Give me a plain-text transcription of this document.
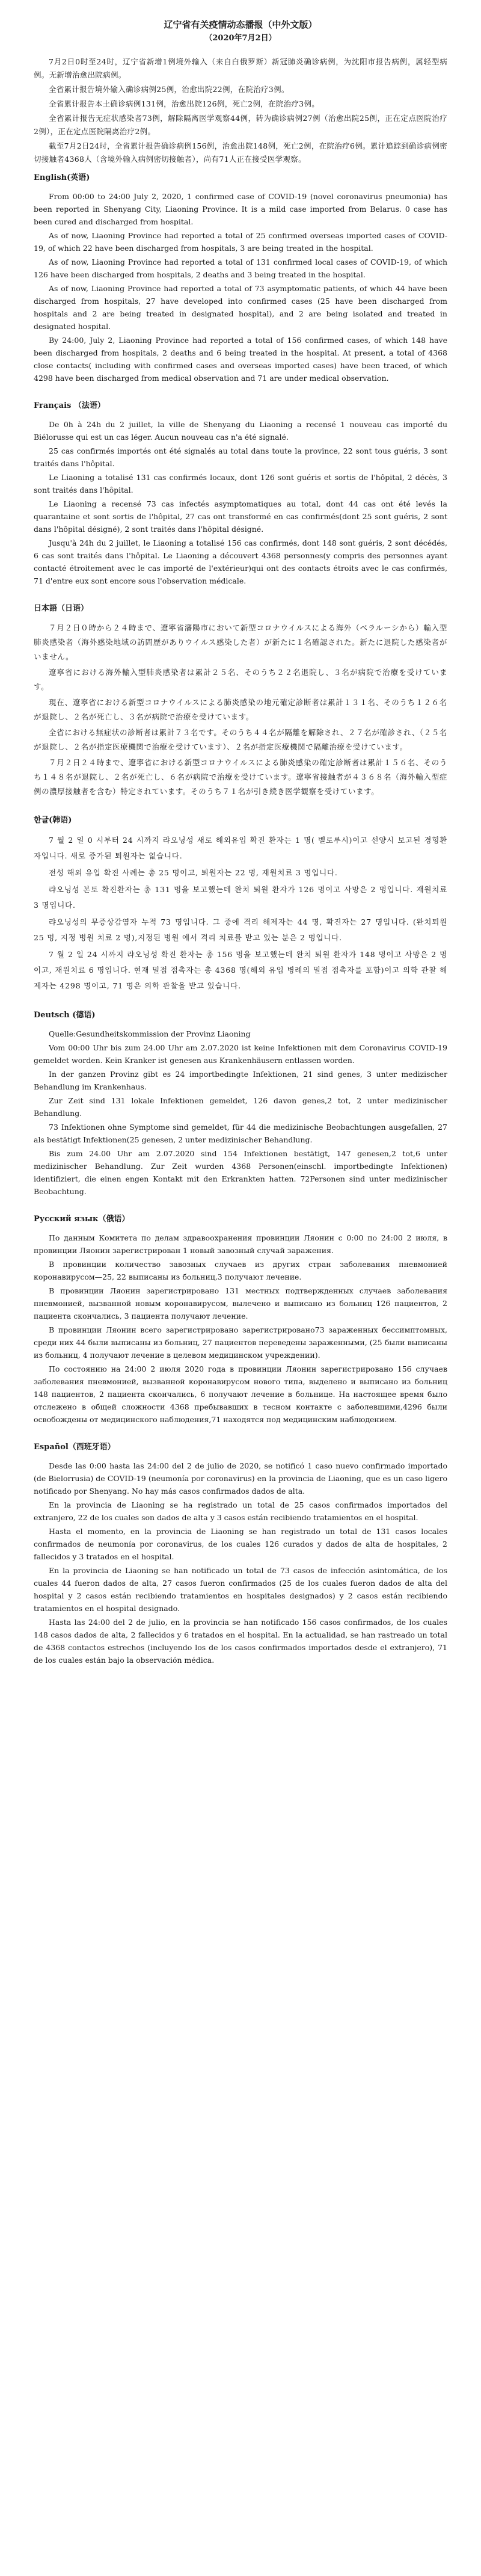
辽宁省有关疫情动态播报（中外文版）
（2020年7月2日）

7月2日0时至24时，辽宁省新增1例境外输入（来自白俄罗斯）新冠肺炎确诊病例，为沈阳市报告病例，属轻型病例。无新增治愈出院病例。

全省累计报告境外输入确诊病例25例，治愈出院22例，在院治疗3例。

全省累计报告本土确诊病例131例，治愈出院126例，死亡2例，在院治疗3例。

全省累计报告无症状感染者73例，解除隔离医学观察44例，转为确诊病例27例（治愈出院25例，正在定点医院治疗2例），正在定点医院隔离治疗2例。

截至7月2日24时，全省累计报告确诊病例156例，治愈出院148例，死亡2例，在院治疗6例。累计追踪到确诊病例密切接触者4368人（含境外输入病例密切接触者），尚有71人正在接受医学观察。

English(英语)

From 00:00 to 24:00 July 2, 2020, 1 confirmed case of COVID-19 (novel coronavirus pneumonia) has been reported in Shenyang City, Liaoning Province. It is a mild case imported from Belarus. 0 case has been cured and discharged from hospital.

As of now, Liaoning Province had reported a total of 25 confirmed overseas imported cases of COVID-19, of which 22 have been discharged from hospitals, 3 are being treated in the hospital.

As of now, Liaoning Province had reported a total of 131 confirmed local cases of COVID-19, of which 126 have been discharged from hospitals, 2 deaths and 3 being treated in the hospital.

As of now, Liaoning Province had reported a total of 73 asymptomatic patients, of which 44 have been discharged from hospitals, 27 have developed into confirmed cases (25 have been discharged from hospitals and 2 are being treated in designated hospital), and 2 are being isolated and treated in designated hospital.

By 24:00, July 2, Liaoning Province had reported a total of 156 confirmed cases, of which 148 have been discharged from hospitals, 2 deaths and 6 being treated in the hospital. At present, a total of 4368 close contacts( including with confirmed cases and overseas imported cases) have been traced, of which 4298 have been discharged from medical observation and 71 are under medical observation.

Français （法语）

De 0h à 24h du 2 juillet, la ville de Shenyang du Liaoning a recensé 1 nouveau cas importé du Biélorusse qui est un cas léger. Aucun nouveau cas n'a été signalé.

25 cas confirmés importés ont été signalés au total dans toute la province, 22 sont tous guéris, 3 sont traités dans l'hôpital.

Le Liaoning a totalisé 131 cas confirmés locaux, dont 126 sont guéris et sortis de l'hôpital, 2 décès, 3 sont traités dans l'hôpital.

Le Liaoning a recensé 73 cas infectés asymptomatiques au total, dont 44 cas ont été levés la quarantaine et sont sortis de l'hôpital, 27 cas ont transformé en cas confirmés(dont 25 sont guéris, 2 sont dans l'hôpital désigné), 2 sont traités dans l'hôpital désigné.

Jusqu'à 24h du 2 juillet, le Liaoning a totalisé 156 cas confirmés, dont 148 sont guéris, 2 sont décédés, 6 cas sont traités dans l'hôpital. Le Liaoning a découvert 4368 personnes(y compris des personnes ayant contacté étroitement avec le cas importé de l'extérieur)qui ont des contacts étroits avec le cas confirmés, 71 d'entre eux sont encore sous l'observation médicale.

日本語（日语）

７月２日０時から２４時まで、遼寧省瀋陽市において新型コロナウイルスによる海外（ベラルーシから）輸入型肺炎感染者（海外感染地域の訪問歴がありウイルス感染した者）が新たに１名確認された。新たに退院した感染者がいません。

遼寧省における海外輸入型肺炎感染者は累計２５名、そのうち２２名退院し、３名が病院で治療を受けています。

現在、遼寧省における新型コロナウイルスによる肺炎感染の地元確定診断者は累計１３１名、そのうち１２６名が退院し、２名が死亡し、３名が病院で治療を受けています。

全省における無症状の診断者は累計７３名です。そのうち４４名が隔離を解除され、２７名が確診され、（２５名が退院し、２名が指定医療機関で治療を受けています）、２名が指定医療機関で隔離治療を受けています。

７月２日２４時まで、遼寧省における新型コロナウイルスによる肺炎感染の確定診断者は累計１５６名、そのうち１４８名が退院し、２名が死亡し、６名が病院で治療を受けています。遼寧省接触者が４３６８名（海外輸入型症例の濃厚接触者を含む）特定されています。そのうち７１名が引き続き医学観察を受けています。

한글(韩语)

7 월 2 일 0 시부터 24 시까지 랴오닝성 새로 해외유입 확진 환자는 1 명( 벨로루시)이고 선양시 보고된 경형환자입니다. 새로 증가된 퇴원자는 없습니다.

전성 해외 유입 확진 사례는 총 25 명이고, 퇴원자는 22 명, 재원치료 3 명입니다.

랴오닝성 본토 확진환자는 총 131 명을 보고했는데 완치 퇴원 환자가 126 명이고 사망은 2 명입니다. 재원치료 3 명입니다.

랴오닝성의 무증상감염자 누적 73 명입니다. 그 중에 격리 해제자는 44 명, 확진자는 27 명입니다. (완치퇴원 25 명, 지정 병원 치료 2 명),지정된 병원 에서 격리 치료를 받고 있는 분은 2 명입니다.

7 월 2 일 24 시까지 랴오닝성 확진 환자는 총 156 명을 보고했는데 완치 퇴원 환자가 148 명이고 사망은 2 명이고, 재원치료 6 명입니다. 현재 밀접 접촉자는 총 4368 명(해외 유입 병례의 밀접 접촉자를 포함)이고 의학 관찰 해제자는 4298 명이고, 71 명은 의학 관찰을 받고 있습니다.

Deutsch (德语)

Quelle:Gesundheitskommission der Provinz Liaoning

Vom 00:00 Uhr bis zum 24.00 Uhr am 2.07.2020 ist keine Infektionen mit dem Coronavirus COVID-19 gemeldet worden. Kein Kranker ist genesen aus Krankenhäusern entlassen worden.

In der ganzen Provinz gibt es 24 importbedingte Infektionen, 21 sind genes, 3 unter medizischer Behandlung im Krankenhaus.

Zur Zeit sind 131 lokale Infektionen gemeldet, 126 davon genes,2 tot, 2 unter medizinischer Behandlung.

73 Infektionen ohne Symptome sind gemeldet, für 44 die medizinische Beobachtungen ausgefallen, 27 als bestätigt Infektionen(25 genesen, 2 unter medizinischer Behandlung.

Bis zum 24.00 Uhr am 2.07.2020 sind 154 Infektionen bestätigt, 147 genesen,2 tot,6 unter medizinischer Behandlung. Zur Zeit wurden 4368 Personen(einschl. importbedingte Infektionen) identifiziert, die einen engen Kontakt mit den Erkrankten hatten. 72Personen sind unter medizinischer Beobachtung.

Русский язык（俄语）

По данным Комитета по делам здравоохранения провинции Ляонин с 0:00 по 24:00 2 июля, в провинции Ляонин зарегистрирован 1 новый завозный случай заражения.

В провинции количество завозных случаев из других стран заболевания пневмонией коронавирусом—25, 22 выписаны из больниц,3 получают лечение.

В провинции Ляонин зарегистрировано 131 местных подтвержденных случаев заболевания пневмонией, вызванной новым коронавирусом, вылечено и выписано из больниц 126 пациентов, 2 пациента скончались, 3 пациента получают лечение.

В провинции Ляонин всего зарегистрировано зарегистрировано73 зараженных бессимптомных, среди них 44 были выписаны из больниц, 27 пациентов переведены зараженными, (25 были выписаны из больниц, 4 получают лечение в целевом медицинском учреждении).

По состоянию на 24:00 2 июля 2020 года в провинции Ляонин зарегистрировано 156 случаев заболевания пневмонией, вызванной коронавирусом нового типа, выделено и выписано из больниц 148 пациентов, 2 пациента скончались, 6 получают лечение в больнице. На настоящее время было отслежено в общей сложности 4368 пребывавших в тесном контакте с заболевшими,4296 были освобождены от медицинского наблюдения,71 находятся под медицинским наблюдением.

Español（西班牙语）

Desde las 0:00 hasta las 24:00 del 2 de julio de 2020, se notificó 1 caso nuevo confirmado importado (de Bielorrusia) de COVID-19 (neumonía por coronavirus) en la provincia de Liaoning, que es un caso ligero notificado por Shenyang. No hay más casos confirmados dados de alta.

En la provincia de Liaoning se ha registrado un total de 25 casos confirmados importados del extranjero, 22 de los cuales son dados de alta y 3 casos están recibiendo tratamientos en el hospital.

Hasta el momento, en la provincia de Liaoning se han registrado un total de 131 casos locales confirmados de neumonía por coronavirus, de los cuales 126 curados y dados de alta de hospitales, 2 fallecidos y 3 tratados en el hospital.

En la provincia de Liaoning se han notificado un total de 73 casos de infección asintomática, de los cuales 44 fueron dados de alta, 27 casos fueron confirmados (25 de los cuales fueron dados de alta del hospital y 2 casos están recibiendo tratamientos en hospitales designados) y 2 casos están recibiendo tratamientos en el hospital designado.

Hasta las 24:00 del 2 de julio, en la provincia se han notificado 156 casos confirmados, de los cuales 148 casos dados de alta, 2 fallecidos y 6 tratados en el hospital. En la actualidad, se han rastreado un total de 4368 contactos estrechos (incluyendo los de los casos confirmados importados desde el extranjero), 71 de los cuales están bajo la observación médica.
